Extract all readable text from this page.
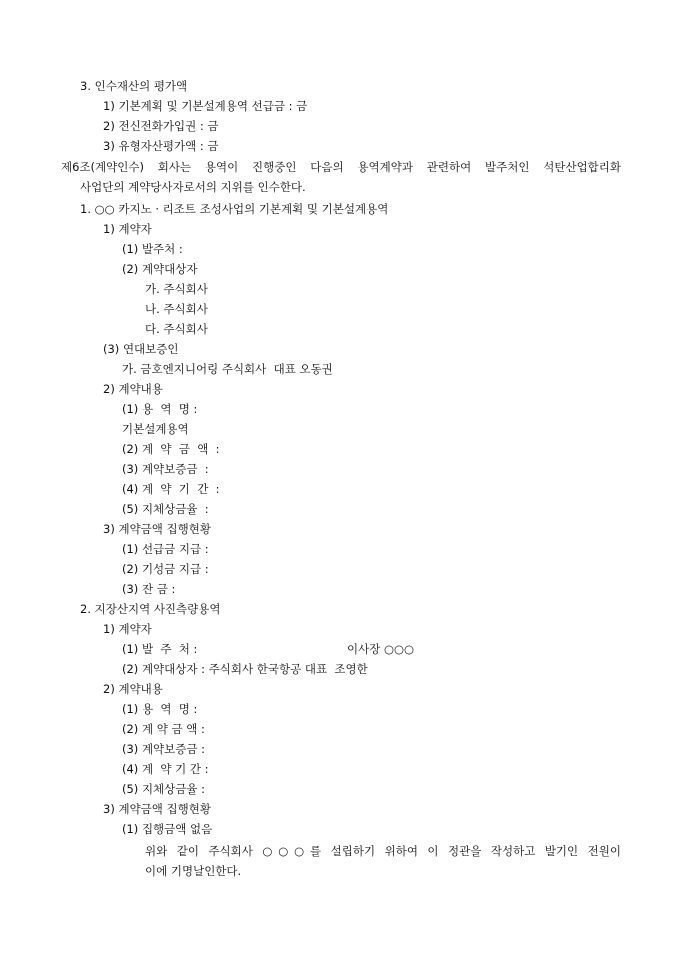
3. 인수재산의 평가액
1) 기본계획 및 기본설계용역 선급금 : 금
2) 전신전화가입권 : 금
3) 유형자산평가액 : 금
제6조(계약인수) 회사는 용역이 진행중인 다음의 용역계약과 관련하여 발주처인 석탄산업합리화
사업단의 계약당사자로서의 지위를 인수한다.
1. ○○ 카지노 · 리조트 조성사업의 기본계획 및 기본설계용역
1) 계약자
(1) 발주처 :
(2) 계약대상자
가. 주식회사
나. 주식회사
다. 주식회사
(3) 연대보증인
가. 금호엔지니어링 주식회사  대표 오동권
2) 계약내용
(1) 용  역  명 :
기본설계용역
(2) 계  약  금  액  :
(3) 계약보증금  :
(4) 계  약  기  간  :
(5) 지체상금율  :
3) 계약금액 집행현황
(1) 선급금 지급 :
(2) 기성금 지급 :
(3) 잔 금 :
2. 지장산지역 사진측량용역
1) 계약자
(1) 발  주  처 :	이사장 ○○○
(2) 계약대상자 : 주식회사 한국항공 대표  조영한
2) 계약내용
(1) 용  역  명 :
(2) 계 약 금 액 :
(3) 계약보증금 :
(4) 계  약 기 간 :
(5) 지체상금율 :
3) 계약금액 집행현황
(1) 집행금액 없음
위와 같이 주식회사 ○○○를 설립하기 위하여 이 정관을 작성하고 발기인 전원이
이에 기명날인한다.
